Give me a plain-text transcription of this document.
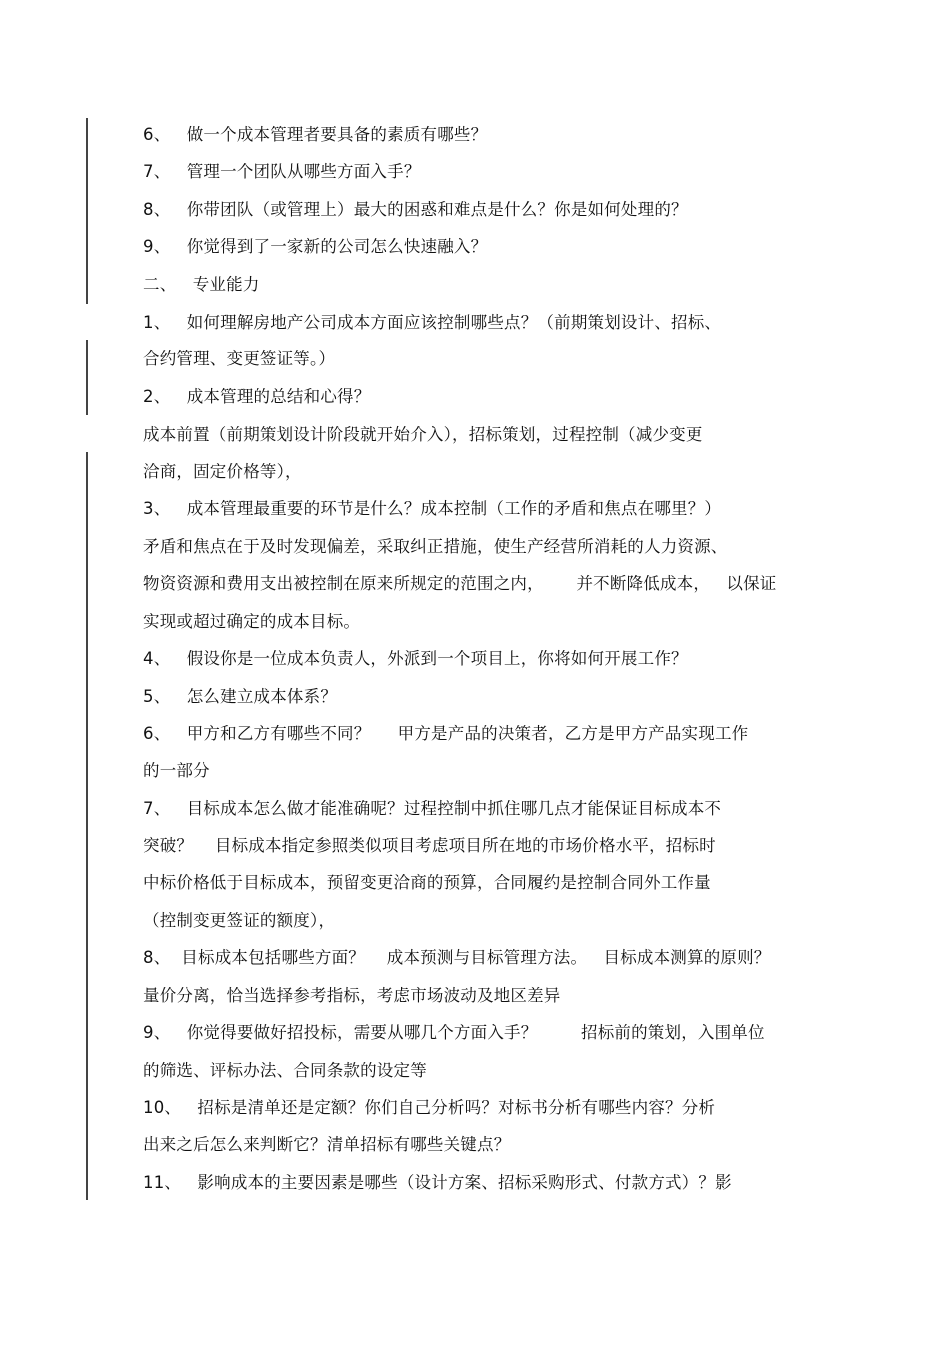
6、   做一个成本管理者要具备的素质有哪些？
7、   管理一个团队从哪些方面入手？
8、   你带团队（或管理上）最大的困惑和难点是什么？你是如何处理的？
9、   你觉得到了一家新的公司怎么快速融入？
二、   专业能力
1、   如何理解房地产公司成本方面应该控制哪些点？（前期策划设计、招标、
合约管理、变更签证等。）
2、   成本管理的总结和心得？
成本前置（前期策划设计阶段就开始介入），招标策划，过程控制（减少变更
洽商，固定价格等），
3、   成本管理最重要的环节是什么？成本控制（工作的矛盾和焦点在哪里？）
矛盾和焦点在于及时发现偏差，采取纠正措施，使生产经营所消耗的人力资源、
物资资源和费用支出被控制在原来所规定的范围之内，      并不断降低成本，   以保证
实现或超过确定的成本目标。
4、   假设你是一位成本负责人，外派到一个项目上，你将如何开展工作？
5、   怎么建立成本体系？
6、   甲方和乙方有哪些不同？     甲方是产品的决策者，乙方是甲方产品实现工作
的一部分
7、   目标成本怎么做才能准确呢？过程控制中抓住哪几点才能保证目标成本不
突破？    目标成本指定参照类似项目考虑项目所在地的市场价格水平，招标时
中标价格低于目标成本，预留变更洽商的预算，合同履约是控制合同外工作量
（控制变更签证的额度），
8、  目标成本包括哪些方面？    成本预测与目标管理方法。   目标成本测算的原则？
量价分离，恰当选择参考指标，考虑市场波动及地区差异
9、   你觉得要做好招投标，需要从哪几个方面入手？        招标前的策划，入围单位
的筛选、评标办法、合同条款的设定等
10、   招标是清单还是定额？你们自己分析吗？对标书分析有哪些内容？分析
出来之后怎么来判断它？清单招标有哪些关键点？
11、   影响成本的主要因素是哪些（设计方案、招标采购形式、付款方式）？影
